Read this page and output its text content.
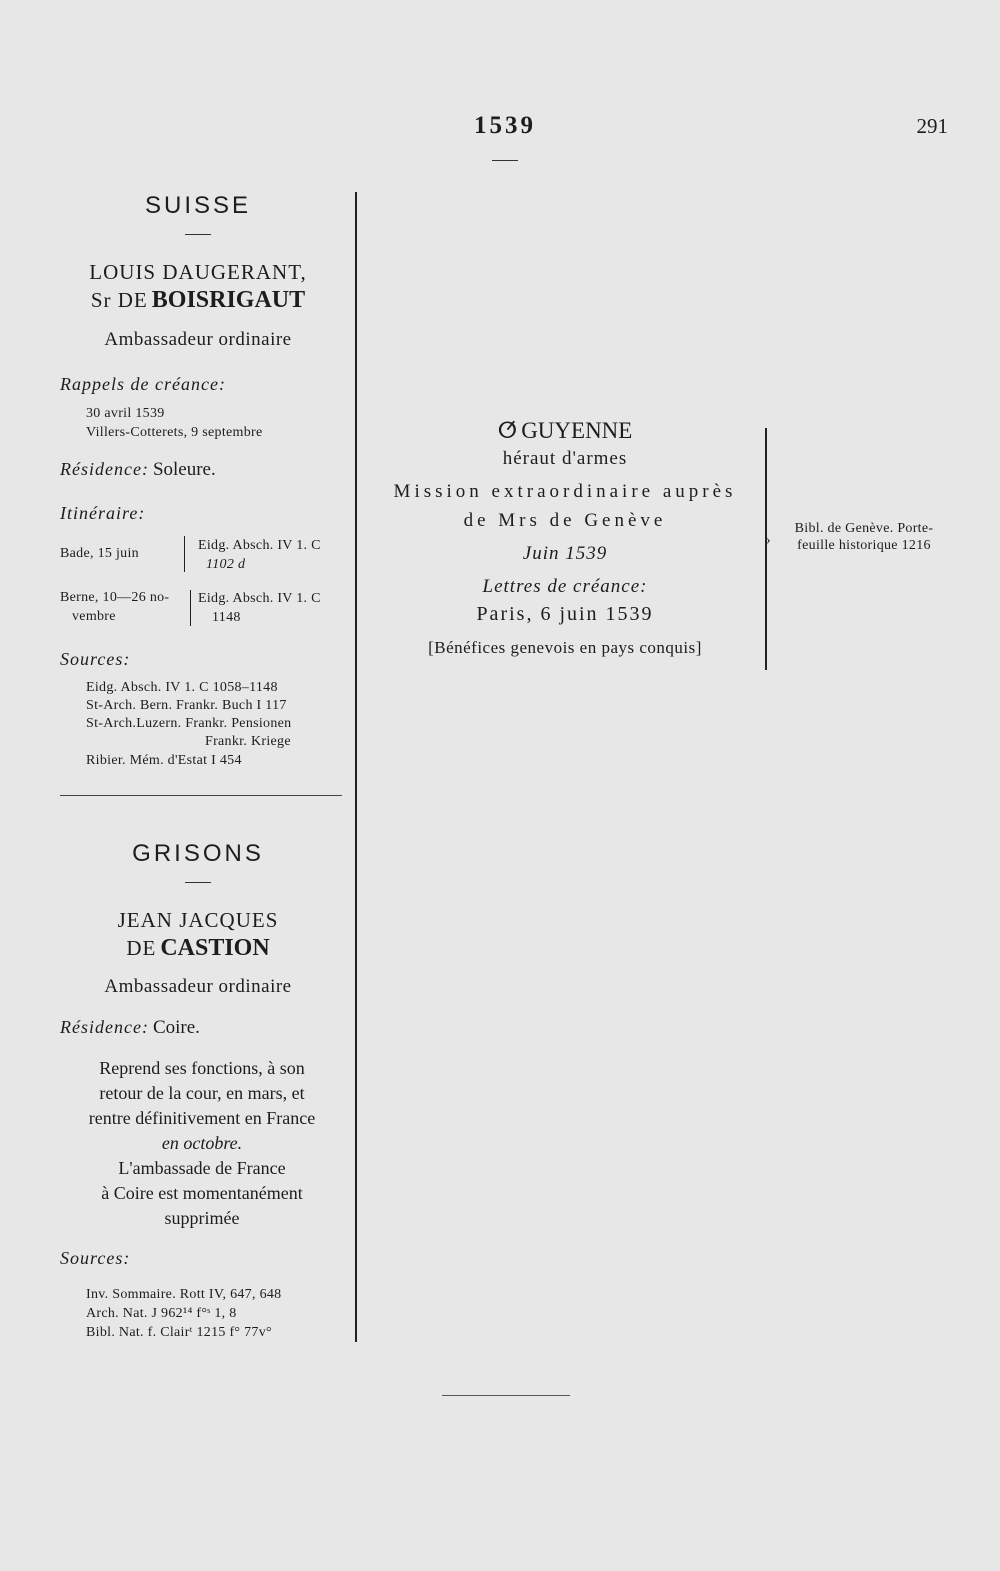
1539	291
SUISSE
LOUIS DAUGERANT,
Sr DE BOISRIGAUT
Ambassadeur ordinaire
Rappels de créance:
30 avril 1539
Villers-Cotterets, 9 septembre
Résidence: Soleure.
Itinéraire:
Bade, 15 juin
Eidg. Absch. IV 1. C
1102 d
Berne, 10—26 no-
vembre
Eidg. Absch. IV 1. C
1148
Sources:
Eidg. Absch. IV 1. C 1058–1148
St-Arch. Bern. Frankr. Buch I 117
St-Arch.Luzern. Frankr. Pensionen
Frankr. Kriege
Ribier. Mém. d'Estat I 454
GRISONS
JEAN JACQUES
DE CASTION
Ambassadeur ordinaire
Résidence: Coire.
Reprend ses fonctions, à son
retour de la cour, en mars, et
rentre définitivement en France
en octobre.
L'ambassade de France
à Coire est momentanément
supprimée
Sources:
Inv. Sommaire. Rott IV, 647, 648
Arch. Nat. J 962¹⁴ f°ˢ 1, 8
Bibl. Nat. f. Clairᵗ 1215 f° 77v°
ⵚ GUYENNE
héraut d'armes
Mission extraordinaire auprès
de Mrs de Genève
Juin 1539
Lettres de créance:
Paris, 6 juin 1539
[Bénéfices genevois en pays conquis]
›
Bibl. de Genève. Porte-
feuille historique 1216
